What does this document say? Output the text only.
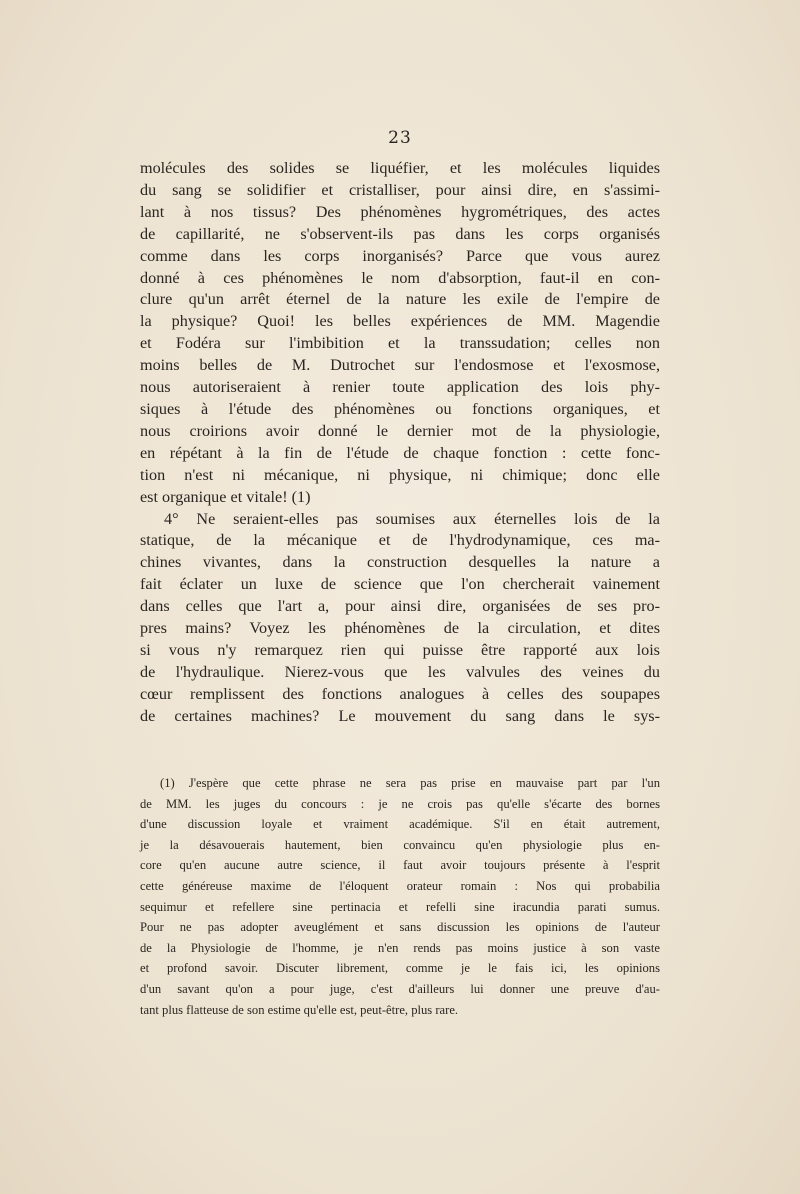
23
molécules des solides se liquéfier, et les molécules liquides
du sang se solidifier et cristalliser, pour ainsi dire, en s'assimi-
lant à nos tissus? Des phénomènes hygrométriques, des actes
de capillarité, ne s'observent-ils pas dans les corps organisés
comme dans les corps inorganisés? Parce que vous aurez
donné à ces phénomènes le nom d'absorption, faut-il en con-
clure qu'un arrêt éternel de la nature les exile de l'empire de
la physique? Quoi! les belles expériences de MM. Magendie
et Fodéra sur l'imbibition et la transsudation; celles non
moins belles de M. Dutrochet sur l'endosmose et l'exosmose,
nous autoriseraient à renier toute application des lois phy-
siques à l'étude des phénomènes ou fonctions organiques, et
nous croirions avoir donné le dernier mot de la physiologie,
en répétant à la fin de l'étude de chaque fonction : cette fonc-
tion n'est ni mécanique, ni physique, ni chimique; donc elle
est organique et vitale! (1)
4° Ne seraient-elles pas soumises aux éternelles lois de la
statique, de la mécanique et de l'hydrodynamique, ces ma-
chines vivantes, dans la construction desquelles la nature a
fait éclater un luxe de science que l'on chercherait vainement
dans celles que l'art a, pour ainsi dire, organisées de ses pro-
pres mains? Voyez les phénomènes de la circulation, et dites
si vous n'y remarquez rien qui puisse être rapporté aux lois
de l'hydraulique. Nierez-vous que les valvules des veines du
cœur remplissent des fonctions analogues à celles des soupapes
de certaines machines? Le mouvement du sang dans le sys-
(1) J'espère que cette phrase ne sera pas prise en mauvaise part par l'un
de MM. les juges du concours : je ne crois pas qu'elle s'écarte des bornes
d'une discussion loyale et vraiment académique. S'il en était autrement,
je la désavouerais hautement, bien convaincu qu'en physiologie plus en-
core qu'en aucune autre science, il faut avoir toujours présente à l'esprit
cette généreuse maxime de l'éloquent orateur romain : Nos qui probabilia
sequimur et refellere sine pertinacia et refelli sine iracundia parati sumus.
Pour ne pas adopter aveuglément et sans discussion les opinions de l'auteur
de la Physiologie de l'homme, je n'en rends pas moins justice à son vaste
et profond savoir. Discuter librement, comme je le fais ici, les opinions
d'un savant qu'on a pour juge, c'est d'ailleurs lui donner une preuve d'au-
tant plus flatteuse de son estime qu'elle est, peut-être, plus rare.
